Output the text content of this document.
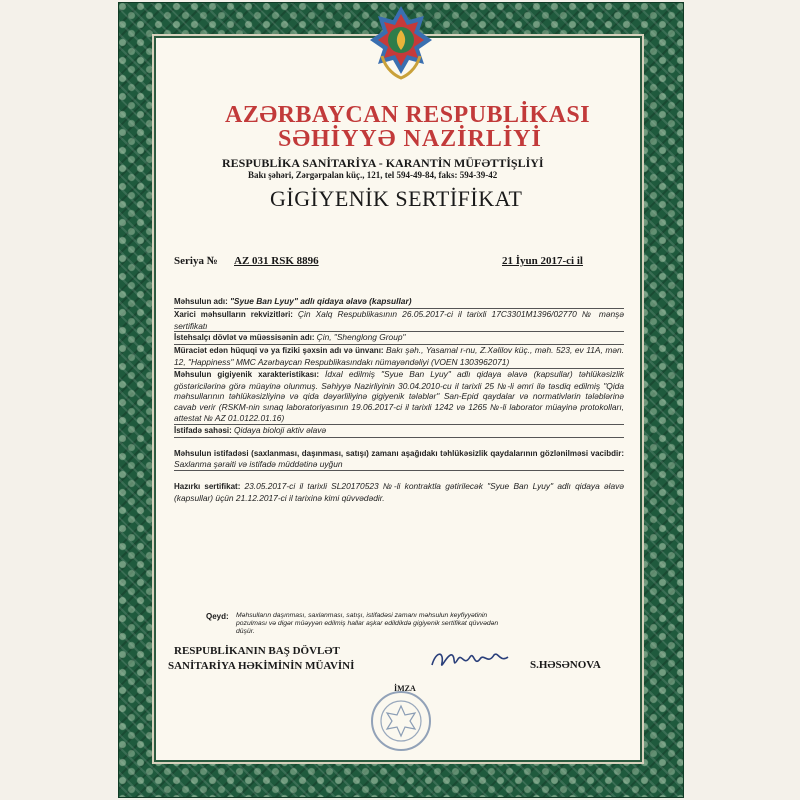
AZƏRBAYCAN RESPUBLİKASI
SƏHİYYƏ NAZİRLİYİ
RESPUBLİKA SANİTARİYA - KARANTİN MÜFƏTTİŞLİYİ
Bakı şəhəri, Zərgərpalan küç., 121, tel 594-49-84, faks: 594-39-42
GİGİYENİK SERTİFİKAT
Seriya № AZ 031 RSK 8896	21 İyun 2017-ci il
Məhsulun adı: "Syue Ban Lyuy" adlı qidaya əlavə (kapsullar)
Xarici məhsulların rekvizitləri: Çin Xalq Respublikasının 26.05.2017-ci il tarixli 17C3301M1396/02770 № mənşə sertifikatı
İstehsalçı dövlət və müəssisənin adı: Çin, "Shenglong Group"
Müraciət edən hüquqi və ya fiziki şəxsin adı və ünvanı: Bakı şəh., Yasamal r-nu, Z.Xəlilov küç., məh. 523, ev 11A, mən. 12, "Happiness" MMC Azərbaycan Respublikasındakı nümayəndəliyi (VOEN 1303962071)
Məhsulun gigiyenik xarakteristikası: İdxal edilmiş "Syue Ban Lyuy" adlı qidaya əlavə (kapsullar) təhlükəsizlik göstəricilərinə görə müayinə olunmuş. Səhiyyə Nazirliyinin 30.04.2010-cu il tarixli 25 №-li əmri ilə təsdiq edilmiş "Qida məhsullarının təhlükəsizliyinə və qida dəyərliliyinə gigiyenik tələblər" San-Epid qaydalar və normativlərin tələblərinə cavab verir (RSKM-nin sınaq laboratoriyasının 19.06.2017-ci il tarixli 1242 və 1265 №-li laborator müayinə protokolları, attestat № AZ 01.0122.01.16)
İstifadə sahəsi: Qidaya bioloji aktiv əlavə
Məhsulun istifadəsi (saxlanması, daşınması, satışı) zamanı aşağıdakı təhlükəsizlik qaydalarının gözlənilməsi vacibdir: Saxlanma şəraiti və istifadə müddətinə uyğun
Hazırkı sertifikat: 23.05.2017-ci il tarixli SL20170523 №-li kontraktla gətirilecək "Syue Ban Lyuy" adlı qidaya əlavə (kapsullar) üçün 21.12.2017-ci il tarixinə kimi qüvvədədir.
Qeyd: Məhsulların daşınması, saxlanması, satışı, istifadəsi zamanı məhsulun keyfiyyətinin pozulması və digər müəyyən edilmiş hallar aşkar edildikdə gigiyenik sertifikat qüvvədən düşür.
RESPUBLİKANIN BAŞ DÖVLƏT
SANİTARİYA HƏKİMİNİN MÜAVİNİ	S.HƏSƏNOVA
İMZA
